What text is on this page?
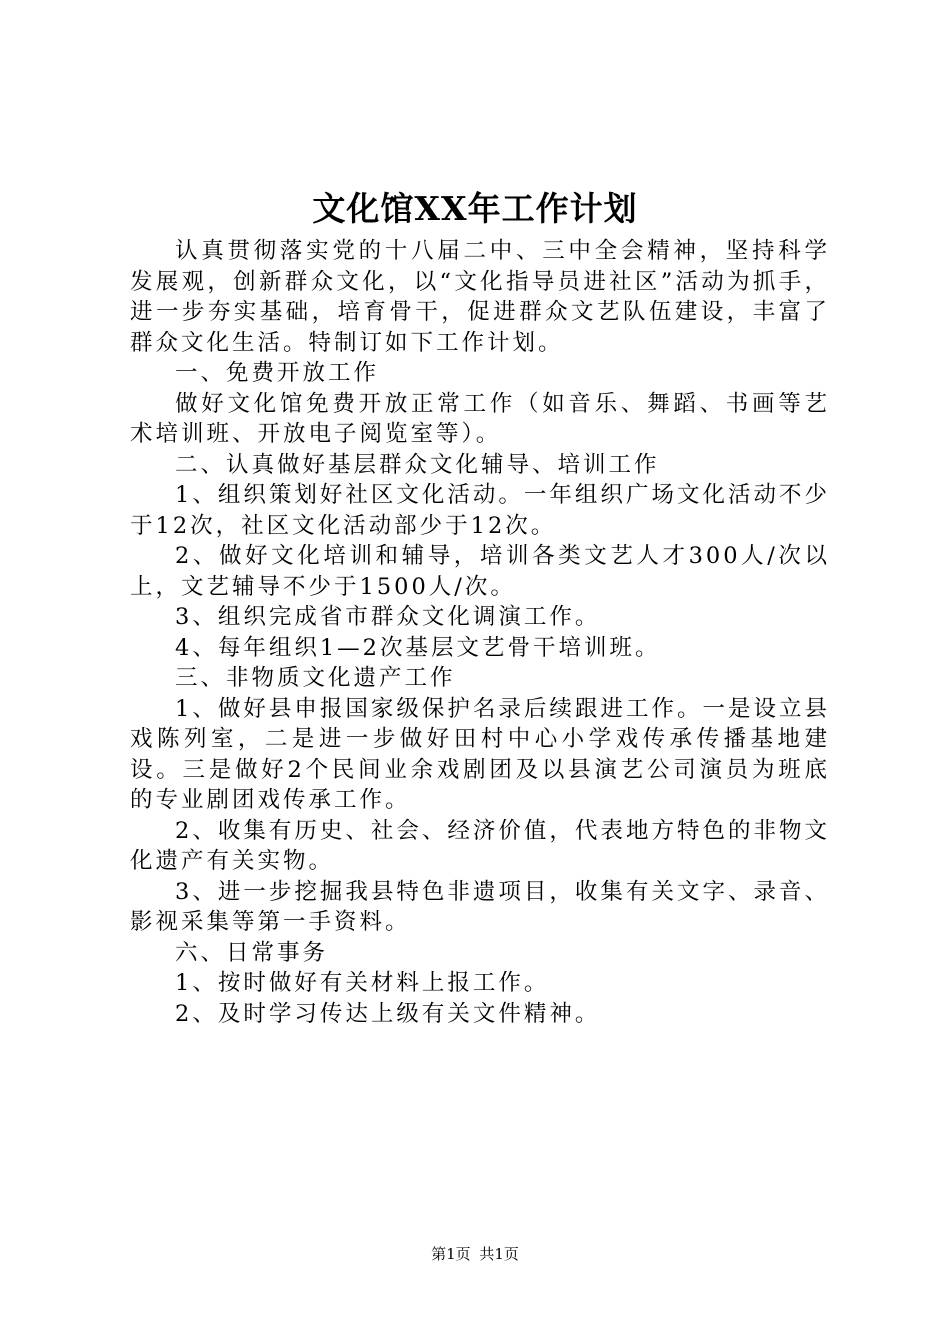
文化馆XX年工作计划

认真贯彻落实党的十八届二中、三中全会精神，坚持科学发展观，创新群众文化，以“文化指导员进社区”活动为抓手，进一步夯实基础，培育骨干，促进群众文艺队伍建设，丰富了群众文化生活。特制订如下工作计划。

一、免费开放工作

做好文化馆免费开放正常工作（如音乐、舞蹈、书画等艺术培训班、开放电子阅览室等）。

二、认真做好基层群众文化辅导、培训工作

1、组织策划好社区文化活动。一年组织广场文化活动不少于12次，社区文化活动部少于12次。

2、做好文化培训和辅导，培训各类文艺人才300人/次以上，文艺辅导不少于1500人/次。

3、组织完成省市群众文化调演工作。

4、每年组织1—2次基层文艺骨干培训班。

三、非物质文化遗产工作

1、做好县申报国家级保护名录后续跟进工作。一是设立县戏陈列室，二是进一步做好田村中心小学戏传承传播基地建设。三是做好2个民间业余戏剧团及以县演艺公司演员为班底的专业剧团戏传承工作。

2、收集有历史、社会、经济价值，代表地方特色的非物文化遗产有关实物。

3、进一步挖掘我县特色非遗项目，收集有关文字、录音、影视采集等第一手资料。

六、日常事务

1、按时做好有关材料上报工作。

2、及时学习传达上级有关文件精神。

第1页 共1页
